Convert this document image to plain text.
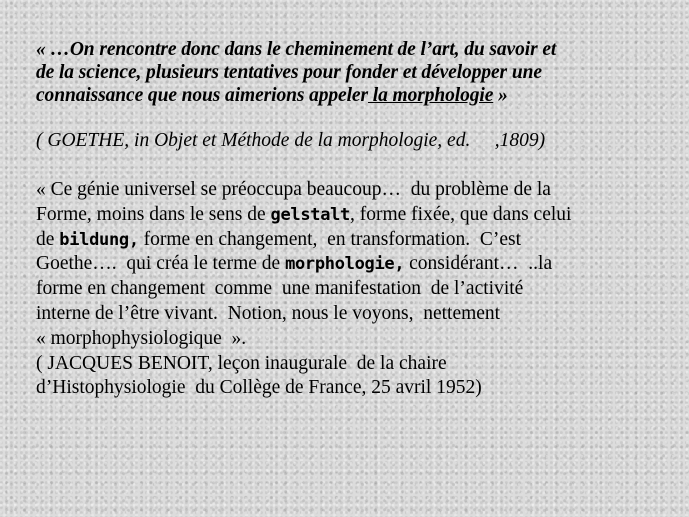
« …On rencontre donc dans le cheminement de l’art, du savoir et
de la science, plusieurs tentatives pour fonder et développer une
connaissance que nous aimerions appeler la morphologie »
( GOETHE, in Objet et Méthode de la morphologie, ed.     ,1809)
« Ce génie universel se préoccupa beaucoup…  du problème de la
Forme, moins dans le sens de gelstalt, forme fixée, que dans celui
de bildung, forme en changement,  en transformation.  C’est
Goethe….  qui créa le terme de morphologie, considérant…  ..la
forme en changement  comme  une manifestation  de l’activité
interne de l’être vivant.  Notion, nous le voyons,  nettement
« morphophysiologique  ».
( JACQUES BENOIT, leçon inaugurale  de la chaire
d’Histophysiologie  du Collège de France, 25 avril 1952)
